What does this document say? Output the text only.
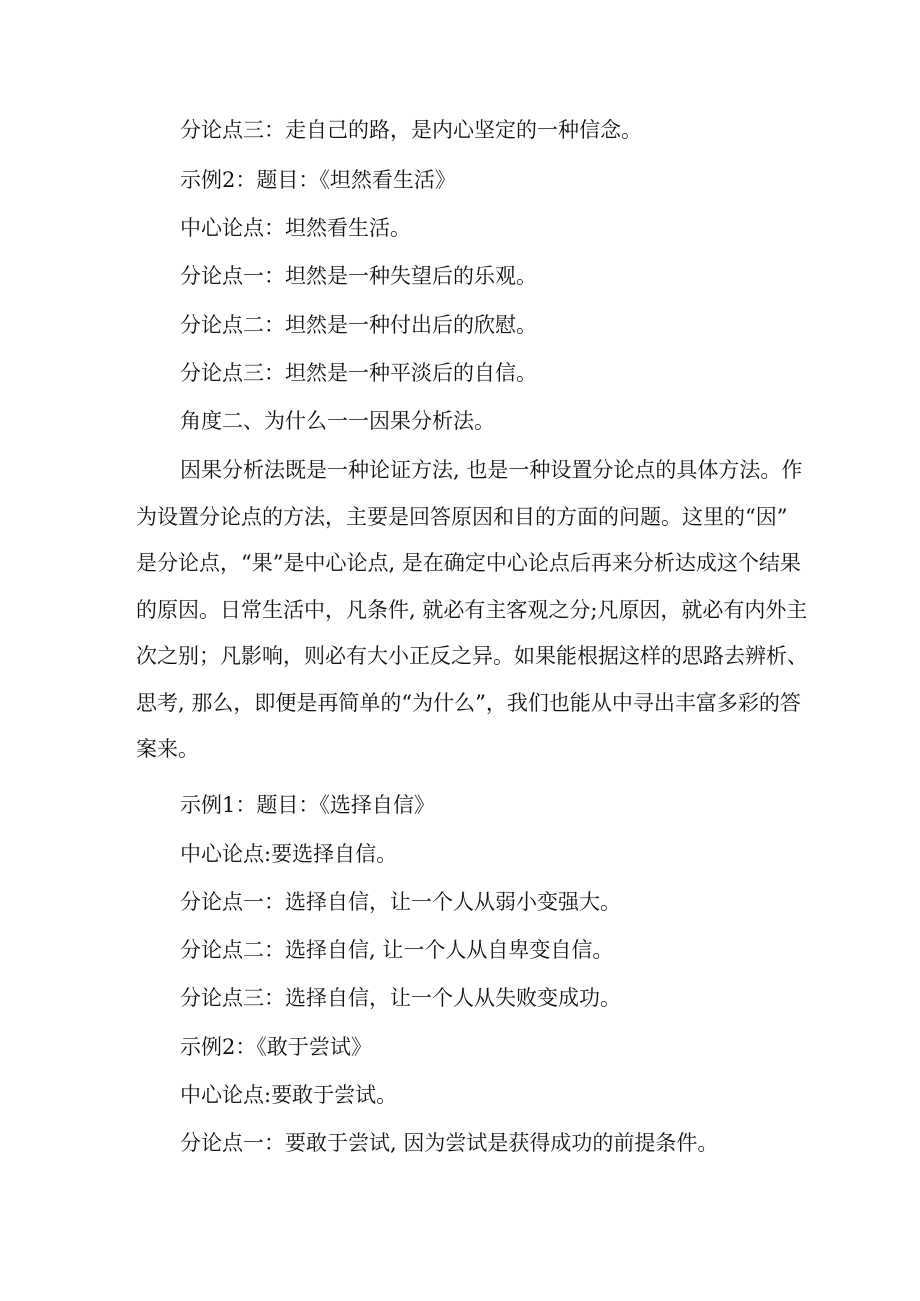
分论点三：走自己的路，是内心坚定的一种信念。
示例2：题目：《坦然看生活》
中心论点：坦然看生活。
分论点一：坦然是一种失望后的乐观。
分论点二：坦然是一种付出后的欣慰。
分论点三：坦然是一种平淡后的自信。
角度二、为什么一一因果分析法。
因果分析法既是一种论证方法, 也是一种设置分论点的具体方法。作
为设置分论点的方法，主要是回答原因和目的方面的问题。这里的“因”
是分论点，“果”是中心论点, 是在确定中心论点后再来分析达成这个结果
的原因。日常生活中，凡条件, 就必有主客观之分;凡原因，就必有内外主
次之别；凡影响，则必有大小正反之异。如果能根据这样的思路去辨析、
思考, 那么，即便是再简单的“为什么”，我们也能从中寻出丰富多彩的答
案来。
示例1：题目：《选择自信》
中心论点:要选择自信。
分论点一：选择自信，让一个人从弱小变强大。
分论点二：选择自信, 让一个人从自卑变自信。
分论点三：选择自信，让一个人从失败变成功。
示例2：《敢于尝试》
中心论点:要敢于尝试。
分论点一：要敢于尝试, 因为尝试是获得成功的前提条件。
